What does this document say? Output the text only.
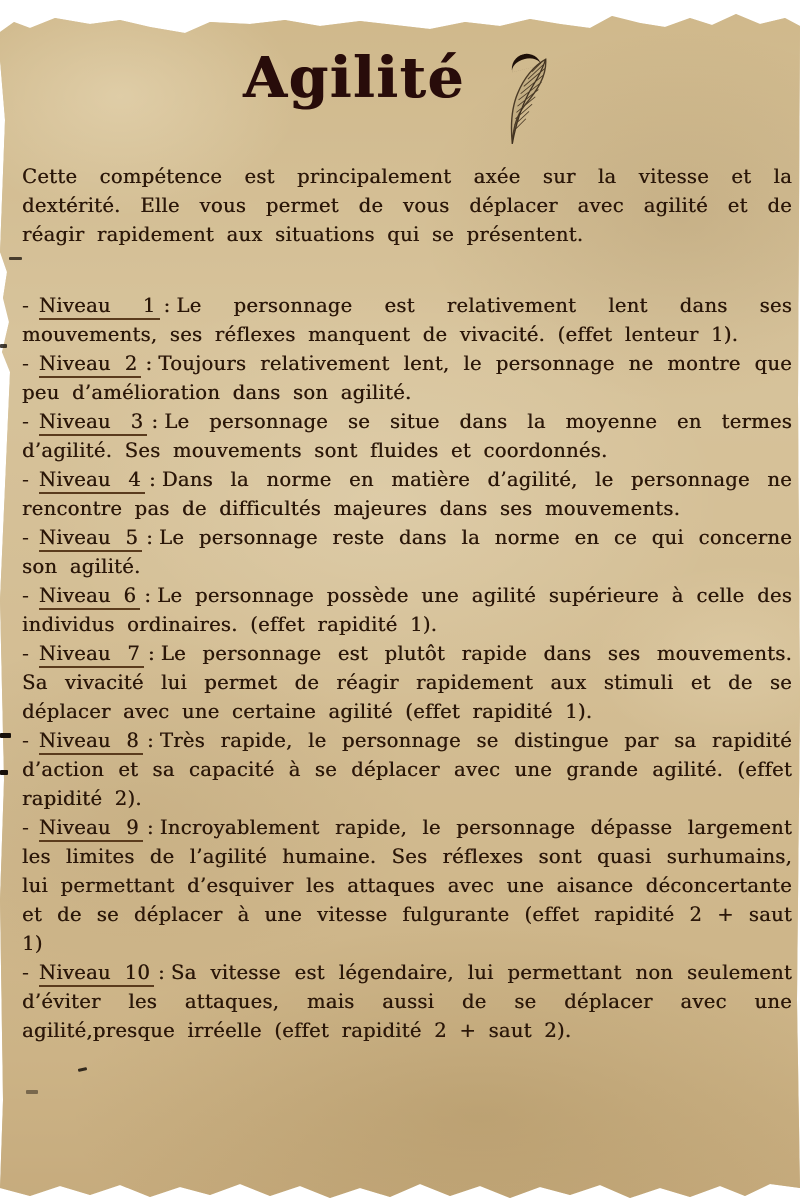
Agilité

Cette compétence est principalement axée sur la vitesse et la dextérité. Elle vous permet de vous déplacer avec agilité et de réagir rapidement aux situations qui se présentent.

- Niveau 1 : Le personnage est relativement lent dans ses mouvements, ses réflexes manquent de vivacité. (effet lenteur 1).

- Niveau 2 : Toujours relativement lent, le personnage ne montre que peu d’amélioration dans son agilité.

- Niveau 3 : Le personnage se situe dans la moyenne en termes d’agilité. Ses mouvements sont fluides et coordonnés.

- Niveau 4 : Dans la norme en matière d’agilité, le personnage ne rencontre pas de difficultés majeures dans ses mouvements.

- Niveau 5 : Le personnage reste dans la norme en ce qui concerne son agilité.

- Niveau 6 : Le personnage possède une agilité supérieure à celle des individus ordinaires. (effet rapidité 1).

- Niveau 7 : Le personnage est plutôt rapide dans ses mouvements. Sa vivacité lui permet de réagir rapidement aux stimuli et de se déplacer avec une certaine agilité (effet rapidité 1).

- Niveau 8 : Très rapide, le personnage se distingue par sa rapidité d’action et sa capacité à se déplacer avec une grande agilité. (effet rapidité 2).

- Niveau 9 : Incroyablement rapide, le personnage dépasse largement les limites de l’agilité humaine. Ses réflexes sont quasi surhumains, lui permettant d’esquiver les attaques avec une aisance déconcertante et de se déplacer à une vitesse fulgurante (effet rapidité 2 + saut 1)

- Niveau 10 : Sa vitesse est légendaire, lui permettant non seulement d’éviter les attaques, mais aussi de se déplacer avec une agilité,presque irréelle (effet rapidité 2 + saut 2).
